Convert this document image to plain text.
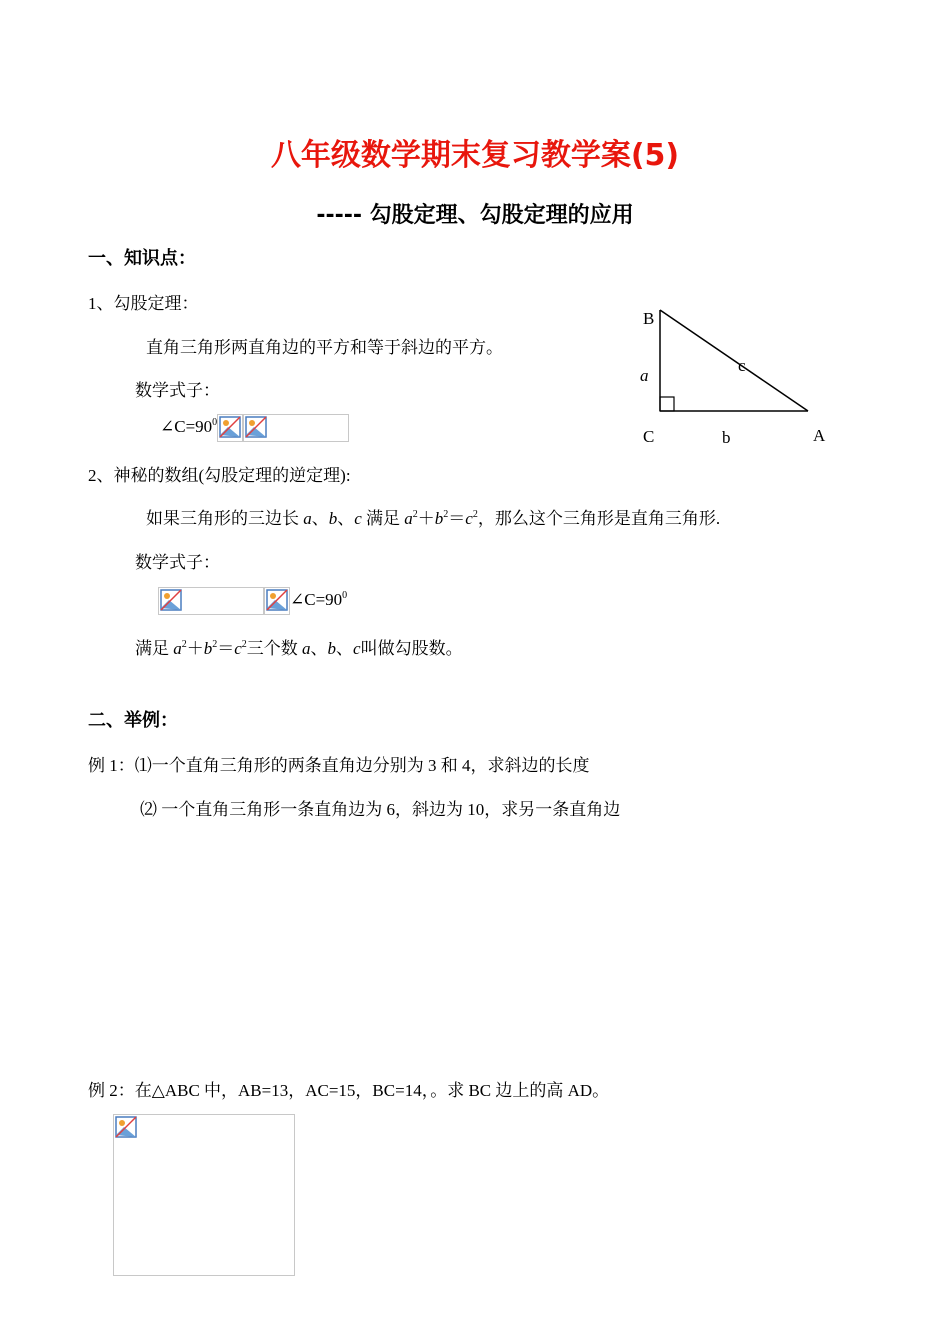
八年级数学期末复习教学案(5)
----- 勾股定理、勾股定理的应用
一、知识点：
1、勾股定理：
直角三角形两直角边的平方和等于斜边的平方。
数学式子：
$\angle C=90^0$
2、神秘的数组(勾股定理的逆定理):
如果三角形的三边长 a、b、c 满足 $a^2+b^2=c^2$，那么这个三角形是直角三角形.
数学式子：
$\angle C=90^0$
满足 $a^2+b^2=c^2$三个数 a、b、c叫做勾股数。
B
a
c
C	b	A
二、举例：
例 1：⑴一个直角三角形的两条直角边分别为 3 和 4，求斜边的长度
⑵ 一个直角三角形一条直角边为 6，斜边为 10，求另一条直角边
例 2：在△ABC 中，AB=13，AC=15，BC=14，。求 BC 边上的高 AD。
